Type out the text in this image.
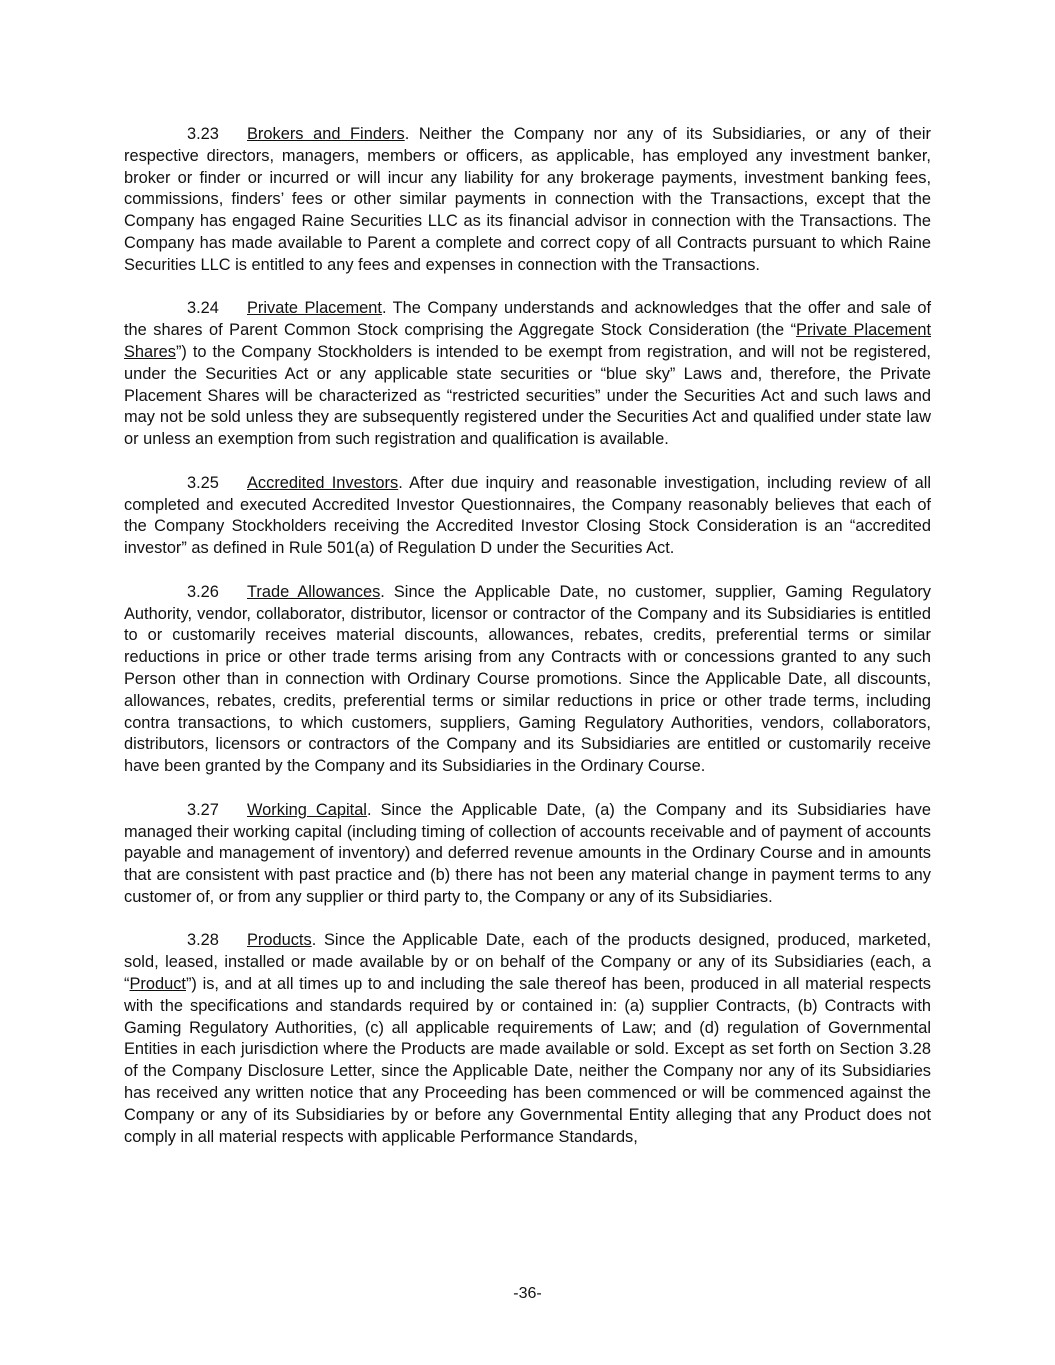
3.23 Brokers and Finders. Neither the Company nor any of its Subsidiaries, or any of their respective directors, managers, members or officers, as applicable, has employed any investment banker, broker or finder or incurred or will incur any liability for any brokerage payments, investment banking fees, commissions, finders’ fees or other similar payments in connection with the Transactions, except that the Company has engaged Raine Securities LLC as its financial advisor in connection with the Transactions. The Company has made available to Parent a complete and correct copy of all Contracts pursuant to which Raine Securities LLC is entitled to any fees and expenses in connection with the Transactions.

3.24 Private Placement. The Company understands and acknowledges that the offer and sale of the shares of Parent Common Stock comprising the Aggregate Stock Consideration (the “Private Placement Shares”) to the Company Stockholders is intended to be exempt from registration, and will not be registered, under the Securities Act or any applicable state securities or “blue sky” Laws and, therefore, the Private Placement Shares will be characterized as “restricted securities” under the Securities Act and such laws and may not be sold unless they are subsequently registered under the Securities Act and qualified under state law or unless an exemption from such registration and qualification is available.

3.25 Accredited Investors. After due inquiry and reasonable investigation, including review of all completed and executed Accredited Investor Questionnaires, the Company reasonably believes that each of the Company Stockholders receiving the Accredited Investor Closing Stock Consideration is an “accredited investor” as defined in Rule 501(a) of Regulation D under the Securities Act.

3.26 Trade Allowances. Since the Applicable Date, no customer, supplier, Gaming Regulatory Authority, vendor, collaborator, distributor, licensor or contractor of the Company and its Subsidiaries is entitled to or customarily receives material discounts, allowances, rebates, credits, preferential terms or similar reductions in price or other trade terms arising from any Contracts with or concessions granted to any such Person other than in connection with Ordinary Course promotions. Since the Applicable Date, all discounts, allowances, rebates, credits, preferential terms or similar reductions in price or other trade terms, including contra transactions, to which customers, suppliers, Gaming Regulatory Authorities, vendors, collaborators, distributors, licensors or contractors of the Company and its Subsidiaries are entitled or customarily receive have been granted by the Company and its Subsidiaries in the Ordinary Course.

3.27 Working Capital. Since the Applicable Date, (a) the Company and its Subsidiaries have managed their working capital (including timing of collection of accounts receivable and of payment of accounts payable and management of inventory) and deferred revenue amounts in the Ordinary Course and in amounts that are consistent with past practice and (b) there has not been any material change in payment terms to any customer of, or from any supplier or third party to, the Company or any of its Subsidiaries.

3.28 Products. Since the Applicable Date, each of the products designed, produced, marketed, sold, leased, installed or made available by or on behalf of the Company or any of its Subsidiaries (each, a “Product”) is, and at all times up to and including the sale thereof has been, produced in all material respects with the specifications and standards required by or contained in: (a) supplier Contracts, (b) Contracts with Gaming Regulatory Authorities, (c) all applicable requirements of Law; and (d) regulation of Governmental Entities in each jurisdiction where the Products are made available or sold. Except as set forth on Section 3.28 of the Company Disclosure Letter, since the Applicable Date, neither the Company nor any of its Subsidiaries has received any written notice that any Proceeding has been commenced or will be commenced against the Company or any of its Subsidiaries by or before any Governmental Entity alleging that any Product does not comply in all material respects with applicable Performance Standards,

-36-
